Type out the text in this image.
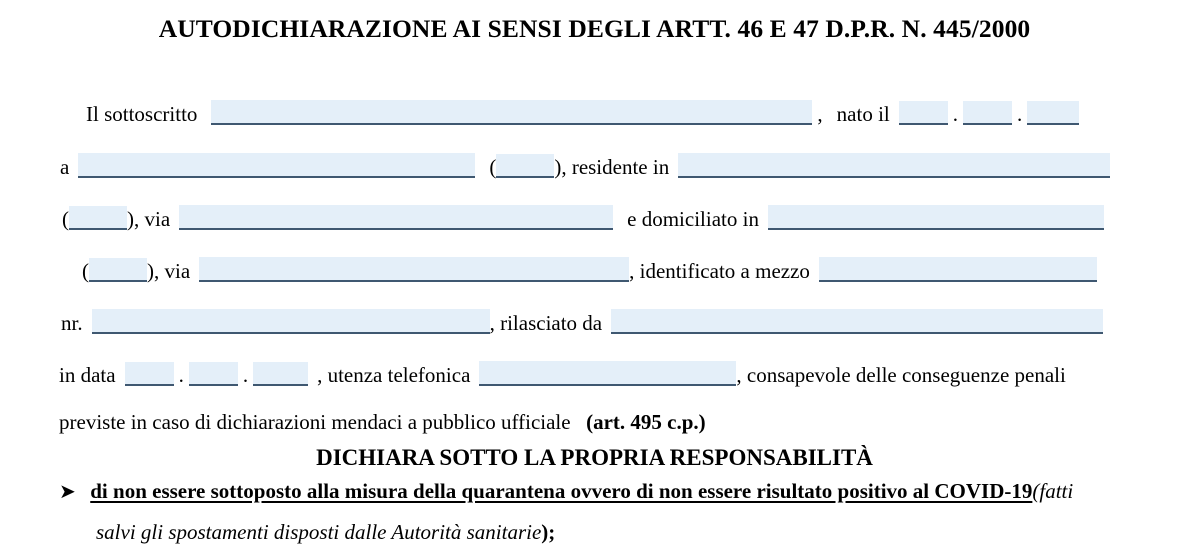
AUTODICHIARAZIONE AI SENSI DEGLI ARTT. 46 E 47 D.P.R. N. 445/2000
Il sottoscritto	, nato il	.	.
a	(	), residente in
(	), via	e domiciliato in
(	), via	, identificato a mezzo
nr.	, rilasciato da
in data	.	.	, utenza telefonica	, consapevole delle conseguenze penali
previste in caso di dichiarazioni mendaci a pubblico ufficiale (art. 495 c.p.)
DICHIARA SOTTO LA PROPRIA RESPONSABILITÀ
➤ di non essere sottoposto alla misura della quarantena ovvero di non essere risultato positivo al COVID-19(fatti
salvi gli spostamenti disposti dalle Autorità sanitarie);
